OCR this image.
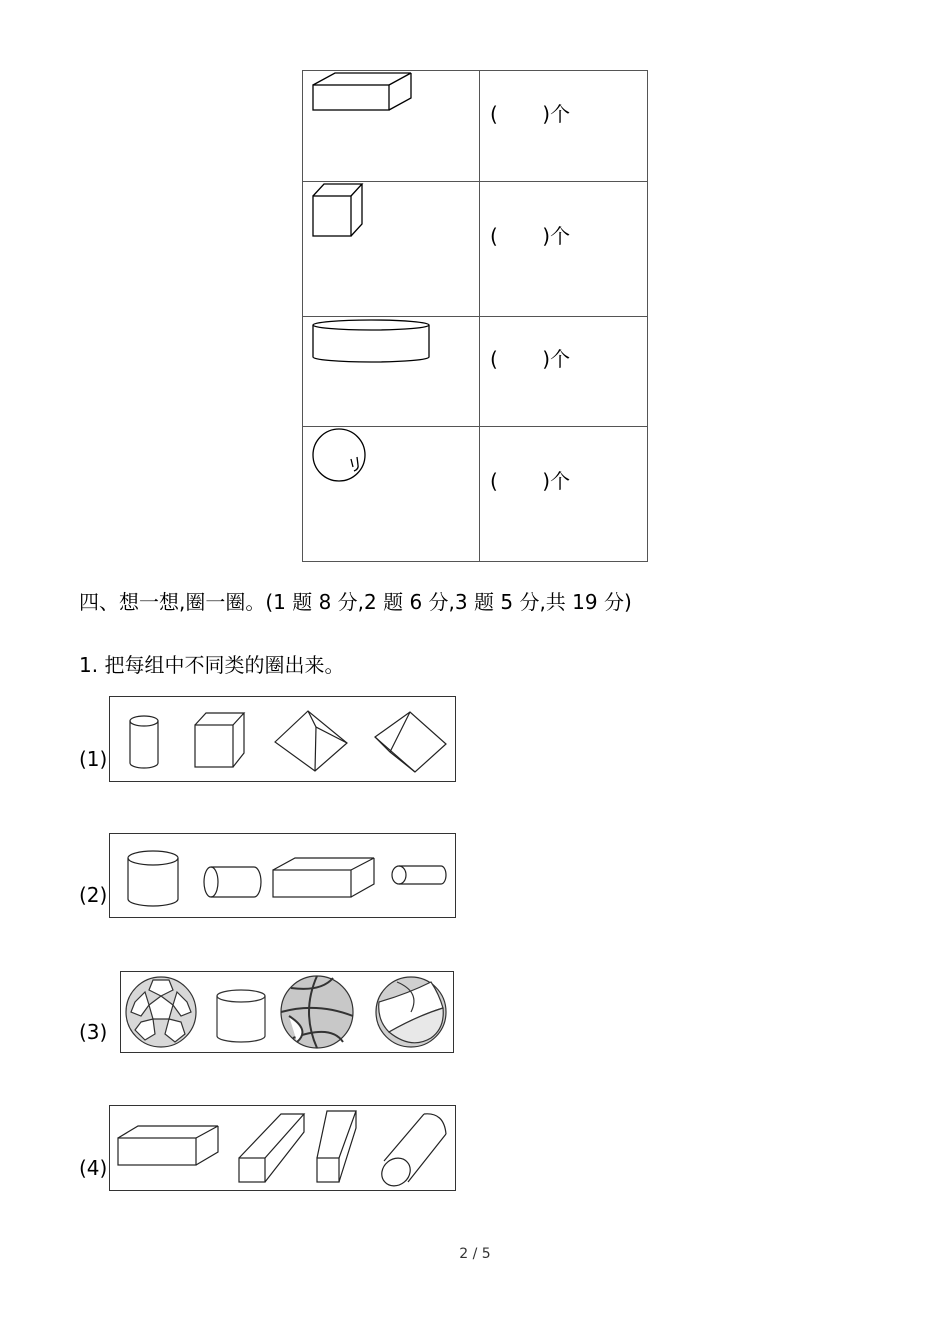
(       )个

(       )个

(       )个

(       )个
四、想一想,圈一圈。(1 题 8 分,2 题 6 分,3 题 5 分,共 19 分)
1. 把每组中不同类的圈出来。
(1)
(2)
(3)
(4)
2 / 5
